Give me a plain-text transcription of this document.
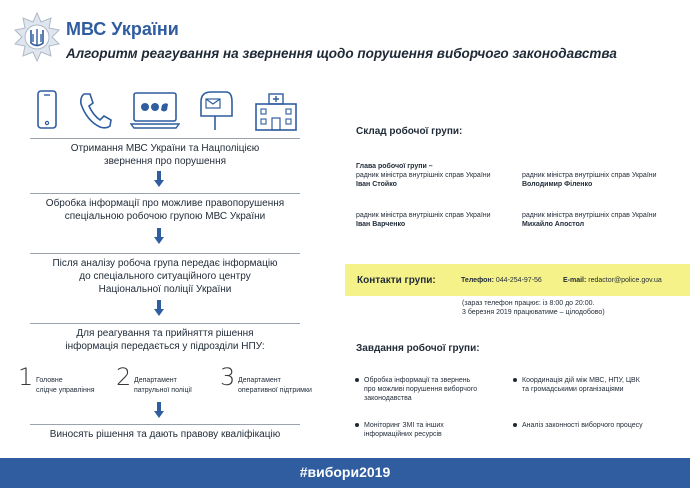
МВС України
Алгоритм реагування на звернення щодо порушення виборчого законодавства
Отримання МВС України та Нацполіцією
звернення про порушення
Обробка інформації про можливе правопорушення
спеціальною робочою групою МВС України
Після аналізу робоча група передає інформацію
до спеціального ситуаційного центру
Національної поліції України
Для реагування та прийняття рішення
інформація передається у підрозділи НПУ:
1 Головне
слідче управління 2 Департамент
патрульної поліції 3 Департамент
оперативної підтримки
Виносять рішення та дають правову кваліфікацію
Склад робочої групи:
Глава робочої групи –
радник міністра внутрішніх справ України
Іван Стойко
радник міністра внутрішніх справ України
Володимир Філенко
радник міністра внутрішніх справ України
Іван Варченко
радник міністра внутрішніх справ України
Михайло Апостол
Контакти групи:	Телефон: 044-254-97-56	E-mail: redactor@police.gov.ua
(зараз телефон працює: із 8:00 до 20:00.
3 березня 2019 працюватиме – цілодобово)
Завдання робочої групи:
Обробка інформації та звернень
про можливі порушення виборчого
законодавства
Координація дій між МВС, НПУ, ЦВК
та громадськими організаціями
Моніторинг ЗМІ та інших
інформаційних ресурсів
Аналіз законності виборчого процесу
#вибори2019
